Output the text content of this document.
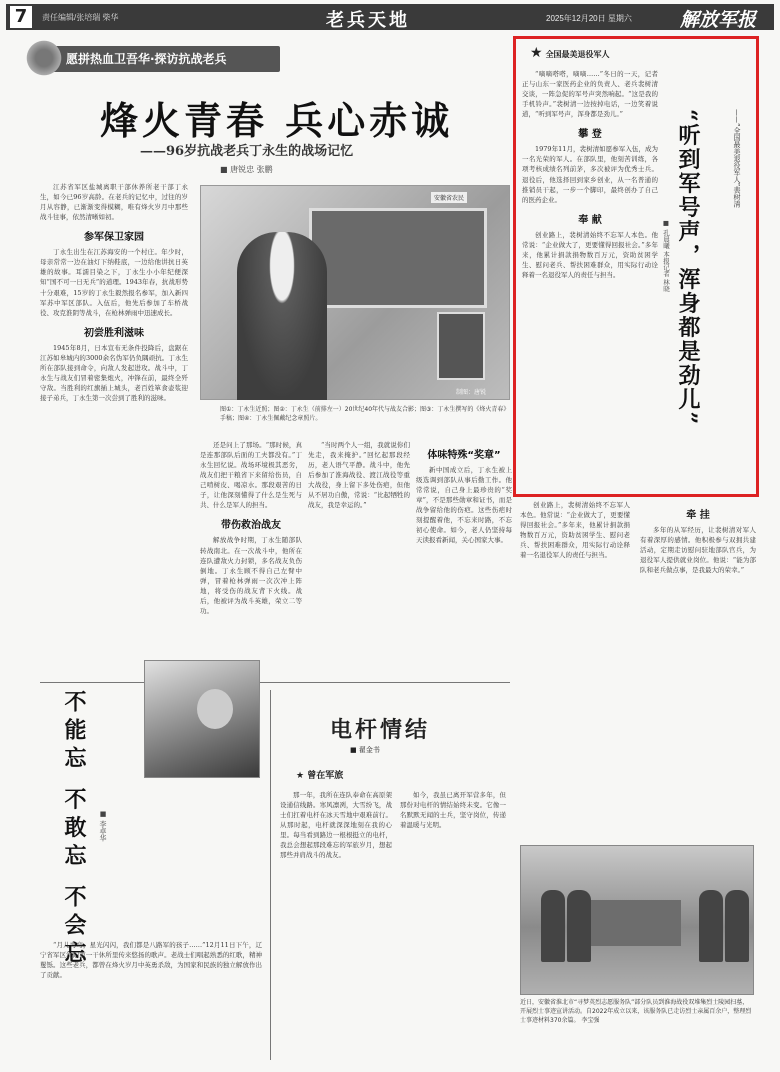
7	责任编辑/张培瑞 柴华	老兵天地	2025年12月20日 星期六	解放军报
愿拼热血卫吾华·探访抗战老兵
烽火青春 兵心赤诚
——96岁抗战老兵丁永生的战场记忆
■ 唐锐忠 张鹏

江苏省军区盐城离职干部休养所老干部丁永生，如今已96岁高龄。在老兵的记忆中，过往的岁月从容静，已渐渐变得模糊，唯有烽火岁月中那些战斗往事，依然清晰如初。

参军保卫家园

丁永生出生在江苏海安的一个村庄。年少时，母亲常常一边在油灯下纳鞋底，一边给他讲抗日英雄的故事。耳濡目染之下，丁永生小小年纪便深知“国不可一日无兵”的道理。1943年春，抗战形势十分艰难，15岁的丁永生毅然报名参军，加入新四军苏中军区部队。入伍后，他先后参加了车桥战役、攻克淮阴等战斗，在枪林弹雨中迅速成长。

初尝胜利滋味

1945年8月，日本宣布无条件投降后，盘踞在江苏如皋城内的3000余名伪军仍负隅顽抗。丁永生所在部队接到命令，向敌人发起进攻。战斗中，丁永生与战友们冒着密集炮火，冲锋在前，最终全歼守敌。当胜利的红旗插上城头，老百姓箪食壶浆迎接子弟兵，丁永生第一次尝到了胜利的滋味。

安徽省农民
制图：唐锐
图①：丁永生近照；图②：丁永生（前排左一）20世纪40年代与战友合影；图③：丁永生撰写的《烽火青春》手稿；图④：丁永生佩戴纪念章照片。

还是问上了那场。“那时候，真是连那部队后面的工夫都没有。”丁永生回忆说。战场环境极其恶劣，战友们把干粮省下来留给伤员，自己啃树皮、喝凉水。那段艰苦的日子，让他深刻懂得了什么是生死与共、什么是军人的担当。

带伤救治战友

解放战争时期，丁永生随部队转战南北。在一次战斗中，他所在连队遭敌火力封锁，多名战友负伤倒地。丁永生顾不得自己左臂中弹，冒着枪林弹雨一次次冲上阵地，将受伤的战友背下火线。战后，他被评为战斗英雄，荣立二等功。

“当时两个人一组，我就说你们先走，我来掩护。”回忆起那段经历，老人语气平静。战斗中，他先后参加了淮海战役、渡江战役等重大战役，身上留下多处伤疤，但他从不居功自傲，常说：“比起牺牲的战友，我是幸运的。”

体味特殊“奖章”

新中国成立后，丁永生被上级选调到部队从事后勤工作。他常常说，自己身上最珍贵的“奖章”，不是那些勋章和证书，而是战争留给他的伤疤。这些伤疤时刻提醒着他，不忘来时路，不忘初心使命。如今，老人仍坚持每天读报看新闻，关心国家大事。

不能忘 不敢忘 不会忘	■ 李卓华

“月儿弯弯，星光闪闪，我们都是八路军的孩子……”12月11日下午，辽宁省军区沈阳第一干休所里传来悠扬的歌声。老战士们唱起熟悉的红歌，精神矍铄。这些老兵，都曾在烽火岁月中英勇杀敌，为国家和民族的独立解放作出了贡献。

电杆情结
■ 翟金书
★ 曾在军旅

那一年，我所在连队奉命在高原架设通信线路。寒风凛冽，大雪纷飞，战士们扛着电杆在冰天雪地中艰难前行。从那时起，电杆就深深地刻在我的心里。每当看到路边一根根挺立的电杆，我总会想起那段难忘的军旅岁月，想起那些并肩战斗的战友。

如今，我虽已离开军营多年，但那份对电杆的情结始终未变。它像一名默默无闻的士兵，坚守岗位，传递着温暖与光明。

★ 全国最美退役军人
“听到军号声，浑身都是劲儿”	——“全国最美退役军人”裴树清
■ 孔晨曦 本报记者 林晓

“嘀嘀嗒嗒，嘀嘀……”冬日的一天，记者正与山东一家医药企业的负责人、老兵裴树清交谈，一阵急促的军号声突然响起。“这是我的手机铃声。”裴树清一边按掉电话，一边笑着说道，“听到军号声，浑身都是劲儿。”

攀 登

1979年11月，裴树清如愿参军入伍，成为一名光荣的军人。在部队里，他刻苦训练，各项考核成绩名列前茅，多次被评为优秀士兵。退役后，他选择回到家乡创业，从一名普通的推销员干起，一步一个脚印，最终创办了自己的医药企业。

奉 献

创业路上，裴树清始终不忘军人本色。他常说：“企业做大了，更要懂得回报社会。”多年来，他累计捐款捐物数百万元，资助贫困学生、慰问老兵、帮扶困难群众，用实际行动诠释着一名退役军人的责任与担当。

创业路上，裴树清始终不忘军人本色。他常说：“企业做大了，更要懂得回报社会。”多年来，他累计捐款捐物数百万元，资助贫困学生、慰问老兵、帮扶困难群众，用实际行动诠释着一名退役军人的责任与担当。

牵 挂

多年的从军经历，让裴树清对军人有着深厚的感情。他积极参与双拥共建活动，定期走访慰问驻地部队官兵，为退役军人提供就业岗位。他说：“能为部队和老兵做点事，是我最大的荣幸。”

近日，安徽省淮北市“寻梦英烈志愿服务队”部分队员到淮海战役双堆集烈士陵园扫墓，开展烈士事迹宣讲活动。自2022年成立以来，该服务队已走访烈士亲属百余户，整理烈士事迹材料370余篇。 李宝强
